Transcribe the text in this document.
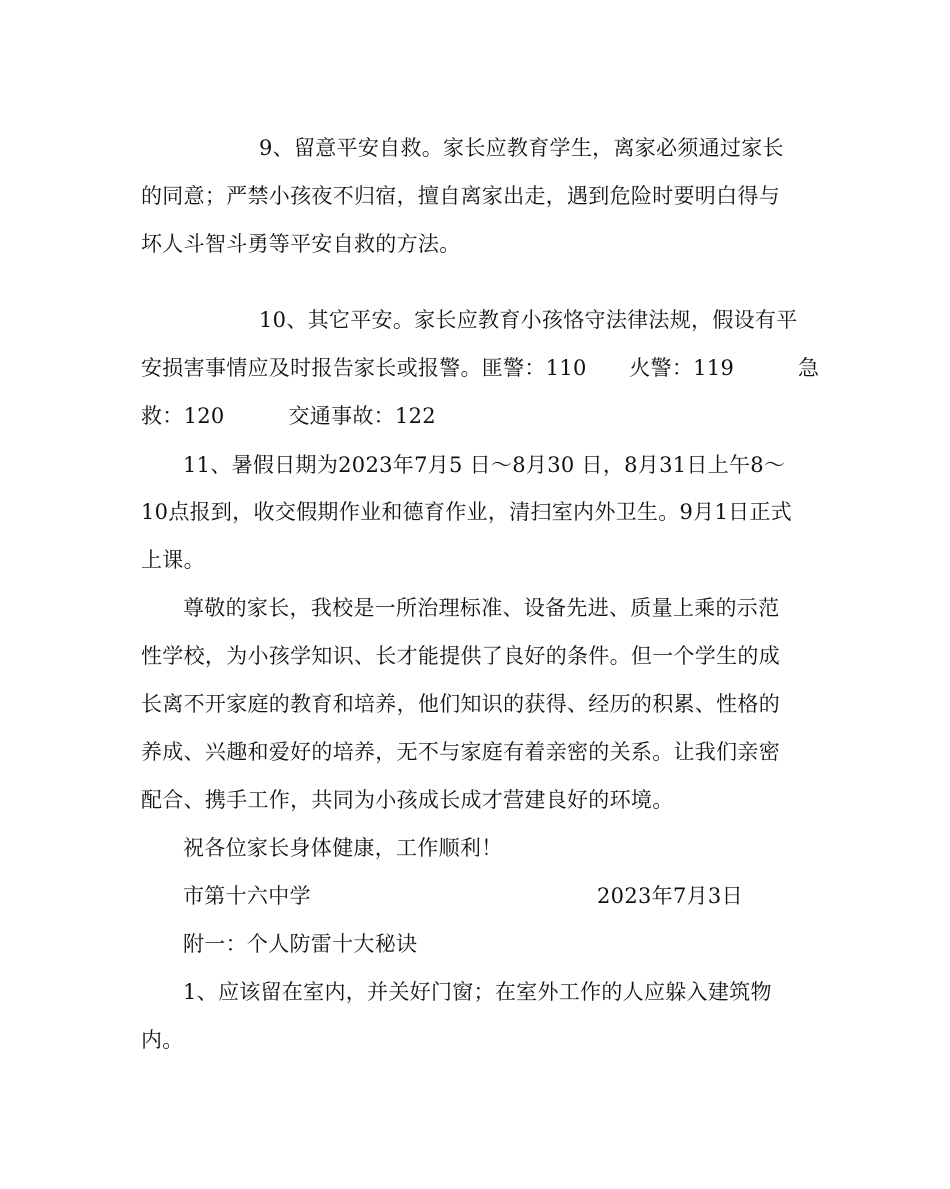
9、留意平安自救。家长应教育学生，离家必须通过家长
的同意；严禁小孩夜不归宿，擅自离家出走，遇到危险时要明白得与
坏人斗智斗勇等平安自救的方法。
10、其它平安。家长应教育小孩恪守法律法规，假设有平
安损害事情应及时报告家长或报警。匪警：110　　火警：119　　　急
救：120　　　交通事故：122
11、暑假日期为2023年7月5 日～8月30 日，8月31日上午8～
10点报到，收交假期作业和德育作业，清扫室内外卫生。9月1日正式
上课。
尊敬的家长，我校是一所治理标准、设备先进、质量上乘的示范
性学校，为小孩学知识、长才能提供了良好的条件。但一个学生的成
长离不开家庭的教育和培养，他们知识的获得、经历的积累、性格的
养成、兴趣和爱好的培养，无不与家庭有着亲密的关系。让我们亲密
配合、携手工作，共同为小孩成长成才营建良好的环境。
祝各位家长身体健康，工作顺利！
市第十六中学	2023年7月3日
附一：个人防雷十大秘诀
1、应该留在室内，并关好门窗；在室外工作的人应躲入建筑物
内。
